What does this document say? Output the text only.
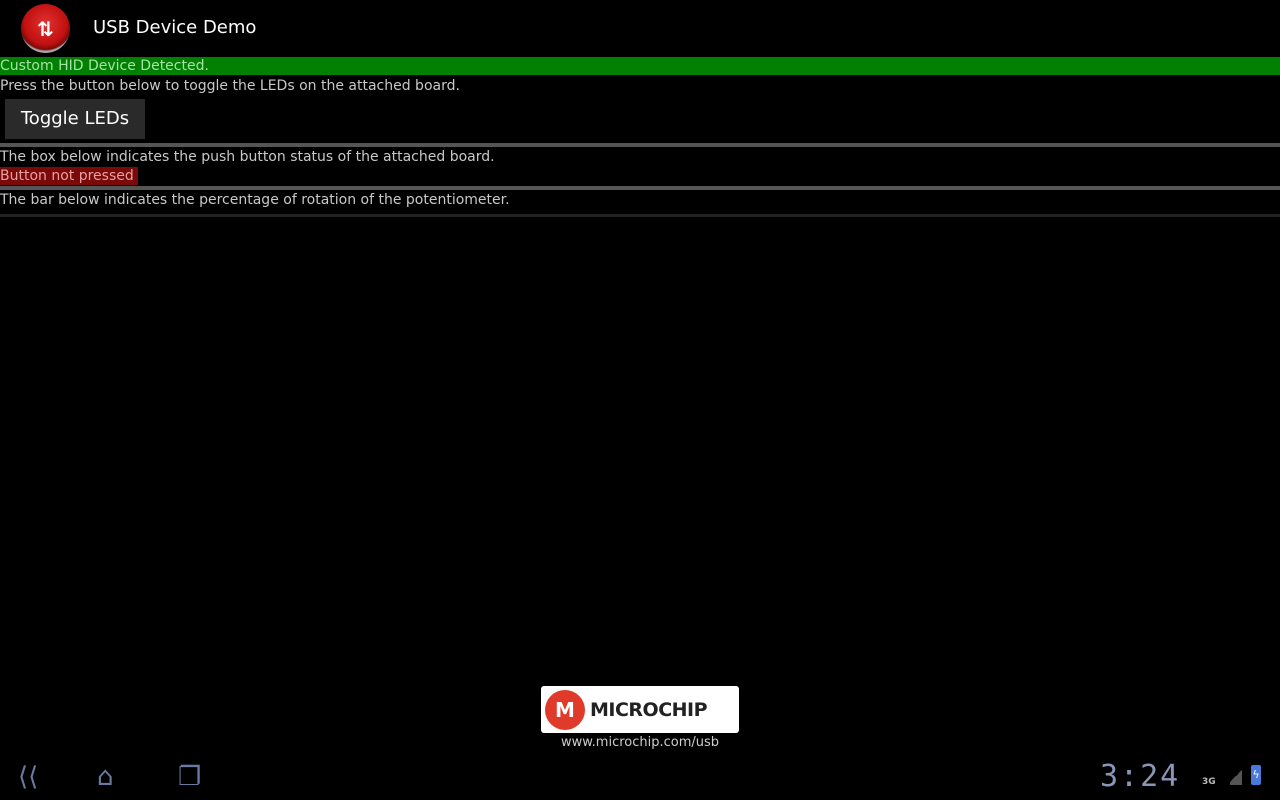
⇅	USB Device Demo
Custom HID Device Detected.
Press the button below to toggle the LEDs on the attached board.
Toggle LEDs
The box below indicates the push button status of the attached board.
Button not pressed
The bar below indicates the percentage of rotation of the potentiometer.
M MICROCHIP
www.microchip.com/usb
⟨⟨ ⌂ ❐	3:24 3G
ϟ
